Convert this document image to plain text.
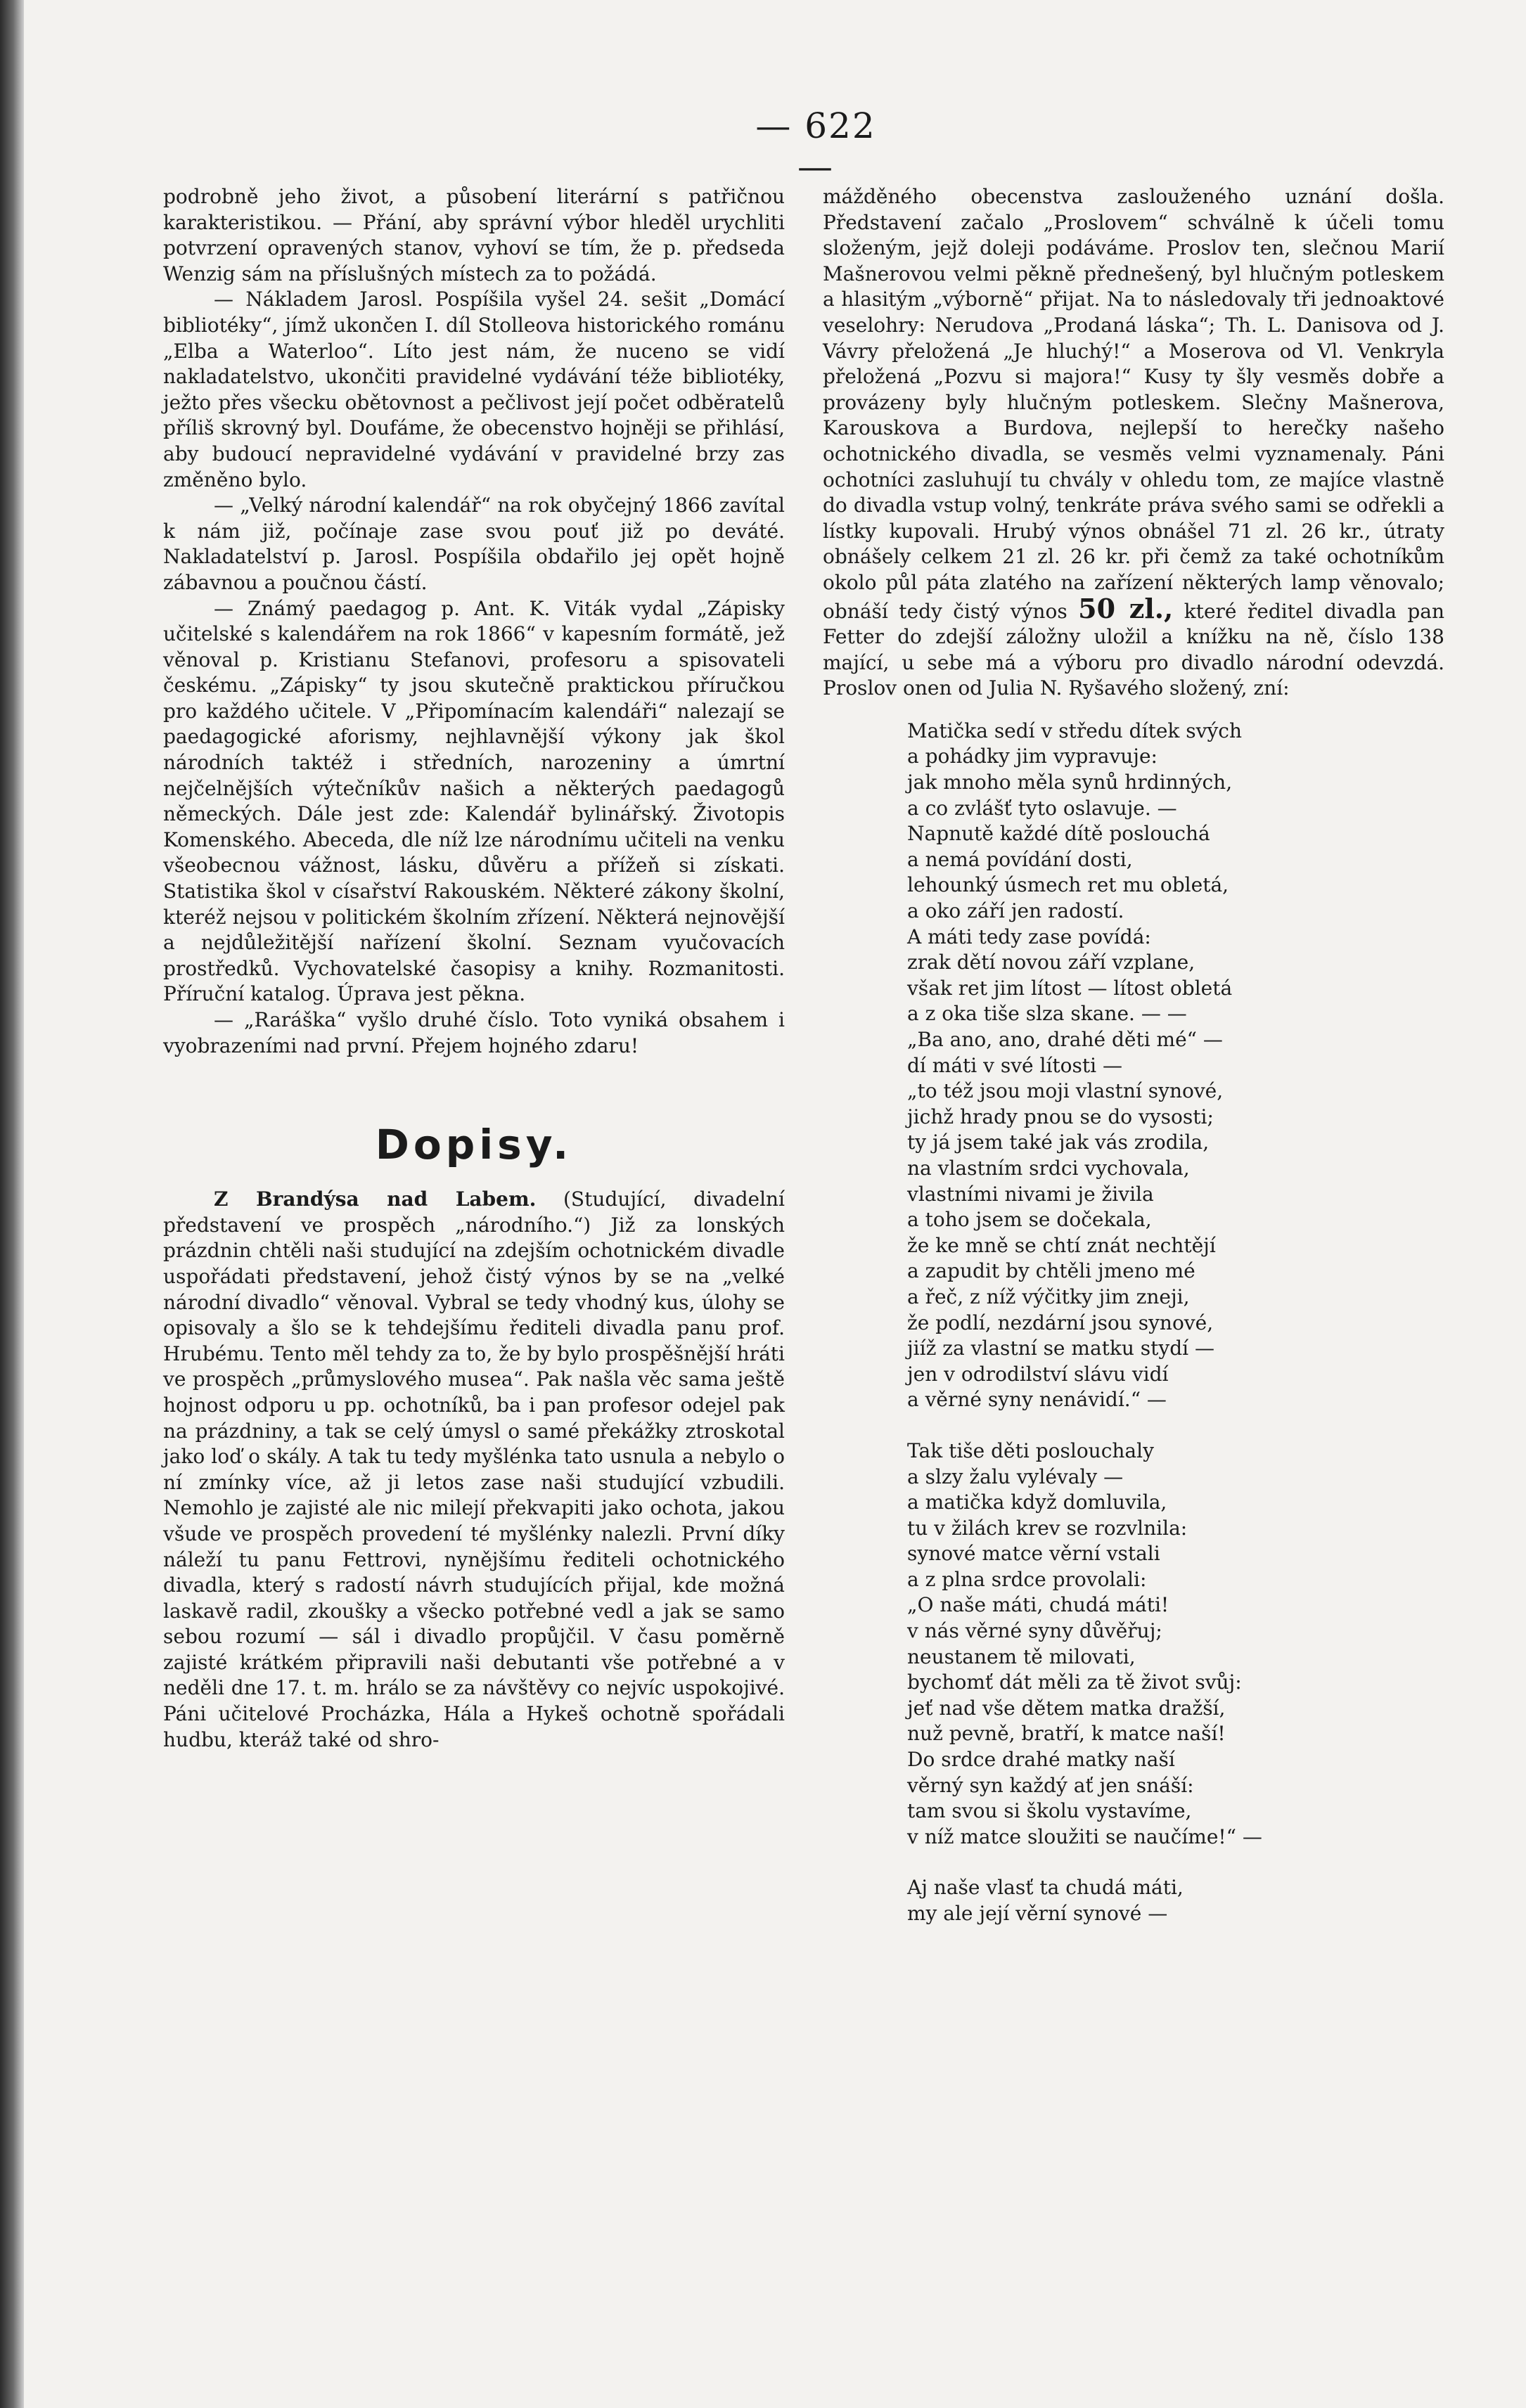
— 622 —

podrobně jeho život, a působení literární s patřičnou karakteristikou. — Přání, aby správní výbor hleděl urychliti potvrzení opravených stanov, vyhoví se tím, že p. předseda Wenzig sám na příslušných místech za to požádá.

— Nákladem Jarosl. Pospíšila vyšel 24. sešit „Domácí bibliotéky“, jímž ukončen I. díl Stolleova historického románu „Elba a Waterloo“. Líto jest nám, že nuceno se vidí nakladatelstvo, ukončiti pravidelné vydávání téže bibliotéky, ježto přes všecku obětovnost a pečlivost její počet odběratelů příliš skrovný byl. Doufáme, že obecenstvo hojněji se přihlásí, aby budoucí nepravidelné vydávání v pravidelné brzy zas změněno bylo.

— „Velký národní kalendář“ na rok obyčejný 1866 zavítal k nám již, počínaje zase svou pouť již po deváté. Nakladatelství p. Jarosl. Pospíšila obdařilo jej opět hojně zábavnou a poučnou částí.

— Známý paedagog p. Ant. K. Viták vydal „Zápisky učitelské s kalendářem na rok 1866“ v kapesním formátě, jež věnoval p. Kristianu Stefanovi, profesoru a spisovateli českému. „Zápisky“ ty jsou skutečně praktickou příručkou pro každého učitele. V „Připomínacím kalendáři“ nalezají se paedagogické aforismy, nejhlavnější výkony jak škol národních taktéž i středních, narozeniny a úmrtní nejčelnějších výtečníkův našich a některých paedagogů německých. Dále jest zde: Kalendář bylinářský. Životopis Komenského. Abeceda, dle níž lze národnímu učiteli na venku všeobecnou vážnost, lásku, důvěru a přížeň si získati. Statistika škol v císařství Rakouském. Některé zákony školní, kteréž nejsou v politickém školním zřízení. Některá nejnovější a nejdůležitější nařízení školní. Seznam vyučovacích prostředků. Vychovatelské časopisy a knihy. Rozmanitosti. Příruční katalog. Úprava jest pěkna.

— „Raráška“ vyšlo druhé číslo. Toto vyniká obsahem i vyobrazeními nad první. Přejem hojného zdaru!

Dopisy.

Z Brandýsa nad Labem. (Studující, divadelní představení ve prospěch „národního.“) Již za lonských prázdnin chtěli naši studující na zdejším ochotnickém divadle uspořádati představení, jehož čistý výnos by se na „velké národní divadlo“ věnoval. Vybral se tedy vhodný kus, úlohy se opisovaly a šlo se k tehdejšímu řediteli divadla panu prof. Hrubému. Tento měl tehdy za to, že by bylo prospěšnější hráti ve prospěch „průmyslového musea“. Pak našla věc sama ještě hojnost odporu u pp. ochotníků, ba i pan profesor odejel pak na prázdniny, a tak se celý úmysl o samé překážky ztroskotal jako loď o skály. A tak tu tedy myšlénka tato usnula a nebylo o ní zmínky více, až ji letos zase naši studující vzbudili. Nemohlo je zajisté ale nic milejí překvapiti jako ochota, jakou všude ve prospěch provedení té myšlénky nalezli. První díky náleží tu panu Fettrovi, nynějšímu řediteli ochotnického divadla, který s radostí návrh studujících přijal, kde možná laskavě radil, zkoušky a všecko potřebné vedl a jak se samo sebou rozumí — sál i divadlo propůjčil. V času poměrně zajisté krátkém připravili naši debutanti vše potřebné a v neděli dne 17. t. m. hrálo se za návštěvy co nejvíc uspokojivé. Páni učitelové Procházka, Hála a Hykeš ochotně spořádali hudbu, kteráž také od shro-

mážděného obecenstva zaslouženého uznání došla. Představení začalo „Proslovem“ schválně k účeli tomu složeným, jejž doleji podáváme. Proslov ten, slečnou Marií Mašnerovou velmi pěkně přednešený, byl hlučným potleskem a hlasitým „výborně“ přijat. Na to následovaly tři jednoaktové veselohry: Nerudova „Prodaná láska“; Th. L. Danisova od J. Vávry přeložená „Je hluchý!“ a Moserova od Vl. Venkryla přeložená „Pozvu si majora!“ Kusy ty šly vesměs dobře a provázeny byly hlučným potleskem. Slečny Mašnerova, Karouskova a Burdova, nejlepší to herečky našeho ochotnického divadla, se vesměs velmi vyznamenaly. Páni ochotníci zasluhují tu chvály v ohledu tom, ze majíce vlastně do divadla vstup volný, tenkráte práva svého sami se odřekli a lístky kupovali. Hrubý výnos obnášel 71 zl. 26 kr., útraty obnášely celkem 21 zl. 26 kr. při čemž za také ochotníkům okolo půl páta zlatého na zařízení některých lamp věnovalo; obnáší tedy čistý výnos 50 zl., které ředitel divadla pan Fetter do zdejší záložny uložil a knížku na ně, číslo 138 mající, u sebe má a výboru pro divadlo národní odevzdá. Proslov onen od Julia N. Ryšavého složený, zní:

Matička sedí v středu dítek svých
a pohádky jim vypravuje:
jak mnoho měla synů hrdinných,
a co zvlášť tyto oslavuje. —
Napnutě každé dítě poslouchá
a nemá povídání dosti,
lehounký úsmech ret mu obletá,
a oko září jen radostí.
A máti tedy zase povídá:
zrak dětí novou září vzplane,
však ret jim lítost — lítost obletá
a z oka tiše slza skane. — —
„Ba ano, ano, drahé děti mé“ —
dí máti v své lítosti —
„to též jsou moji vlastní synové,
jichž hrady pnou se do vysosti;
ty já jsem také jak vás zrodila,
na vlastním srdci vychovala,
vlastními nivami je živila
a toho jsem se dočekala,
že ke mně se chtí znát nechtějí
a zapudit by chtěli jmeno mé
a řeč, z níž výčitky jim zneji,
že podlí, nezdární jsou synové,
jiíž za vlastní se matku stydí —
jen v odrodilství slávu vidí
a věrné syny nenávidí.“ —
Tak tiše děti poslouchaly
a slzy žalu vylévaly —
a matička když domluvila,
tu v žilách krev se rozvlnila:
synové matce věrní vstali
a z plna srdce provolali:
„O naše máti, chudá máti!
v nás věrné syny důvěřuj;
neustanem tě milovati,
bychomť dát měli za tě život svůj:
jeť nad vše dětem matka dražší,
nuž pevně, bratří, k matce naší!
Do srdce drahé matky naší
věrný syn každý ať jen snáší:
tam svou si školu vystavíme,
v níž matce sloužiti se naučíme!“ —
Aj naše vlasť ta chudá máti,
my ale její věrní synové —
